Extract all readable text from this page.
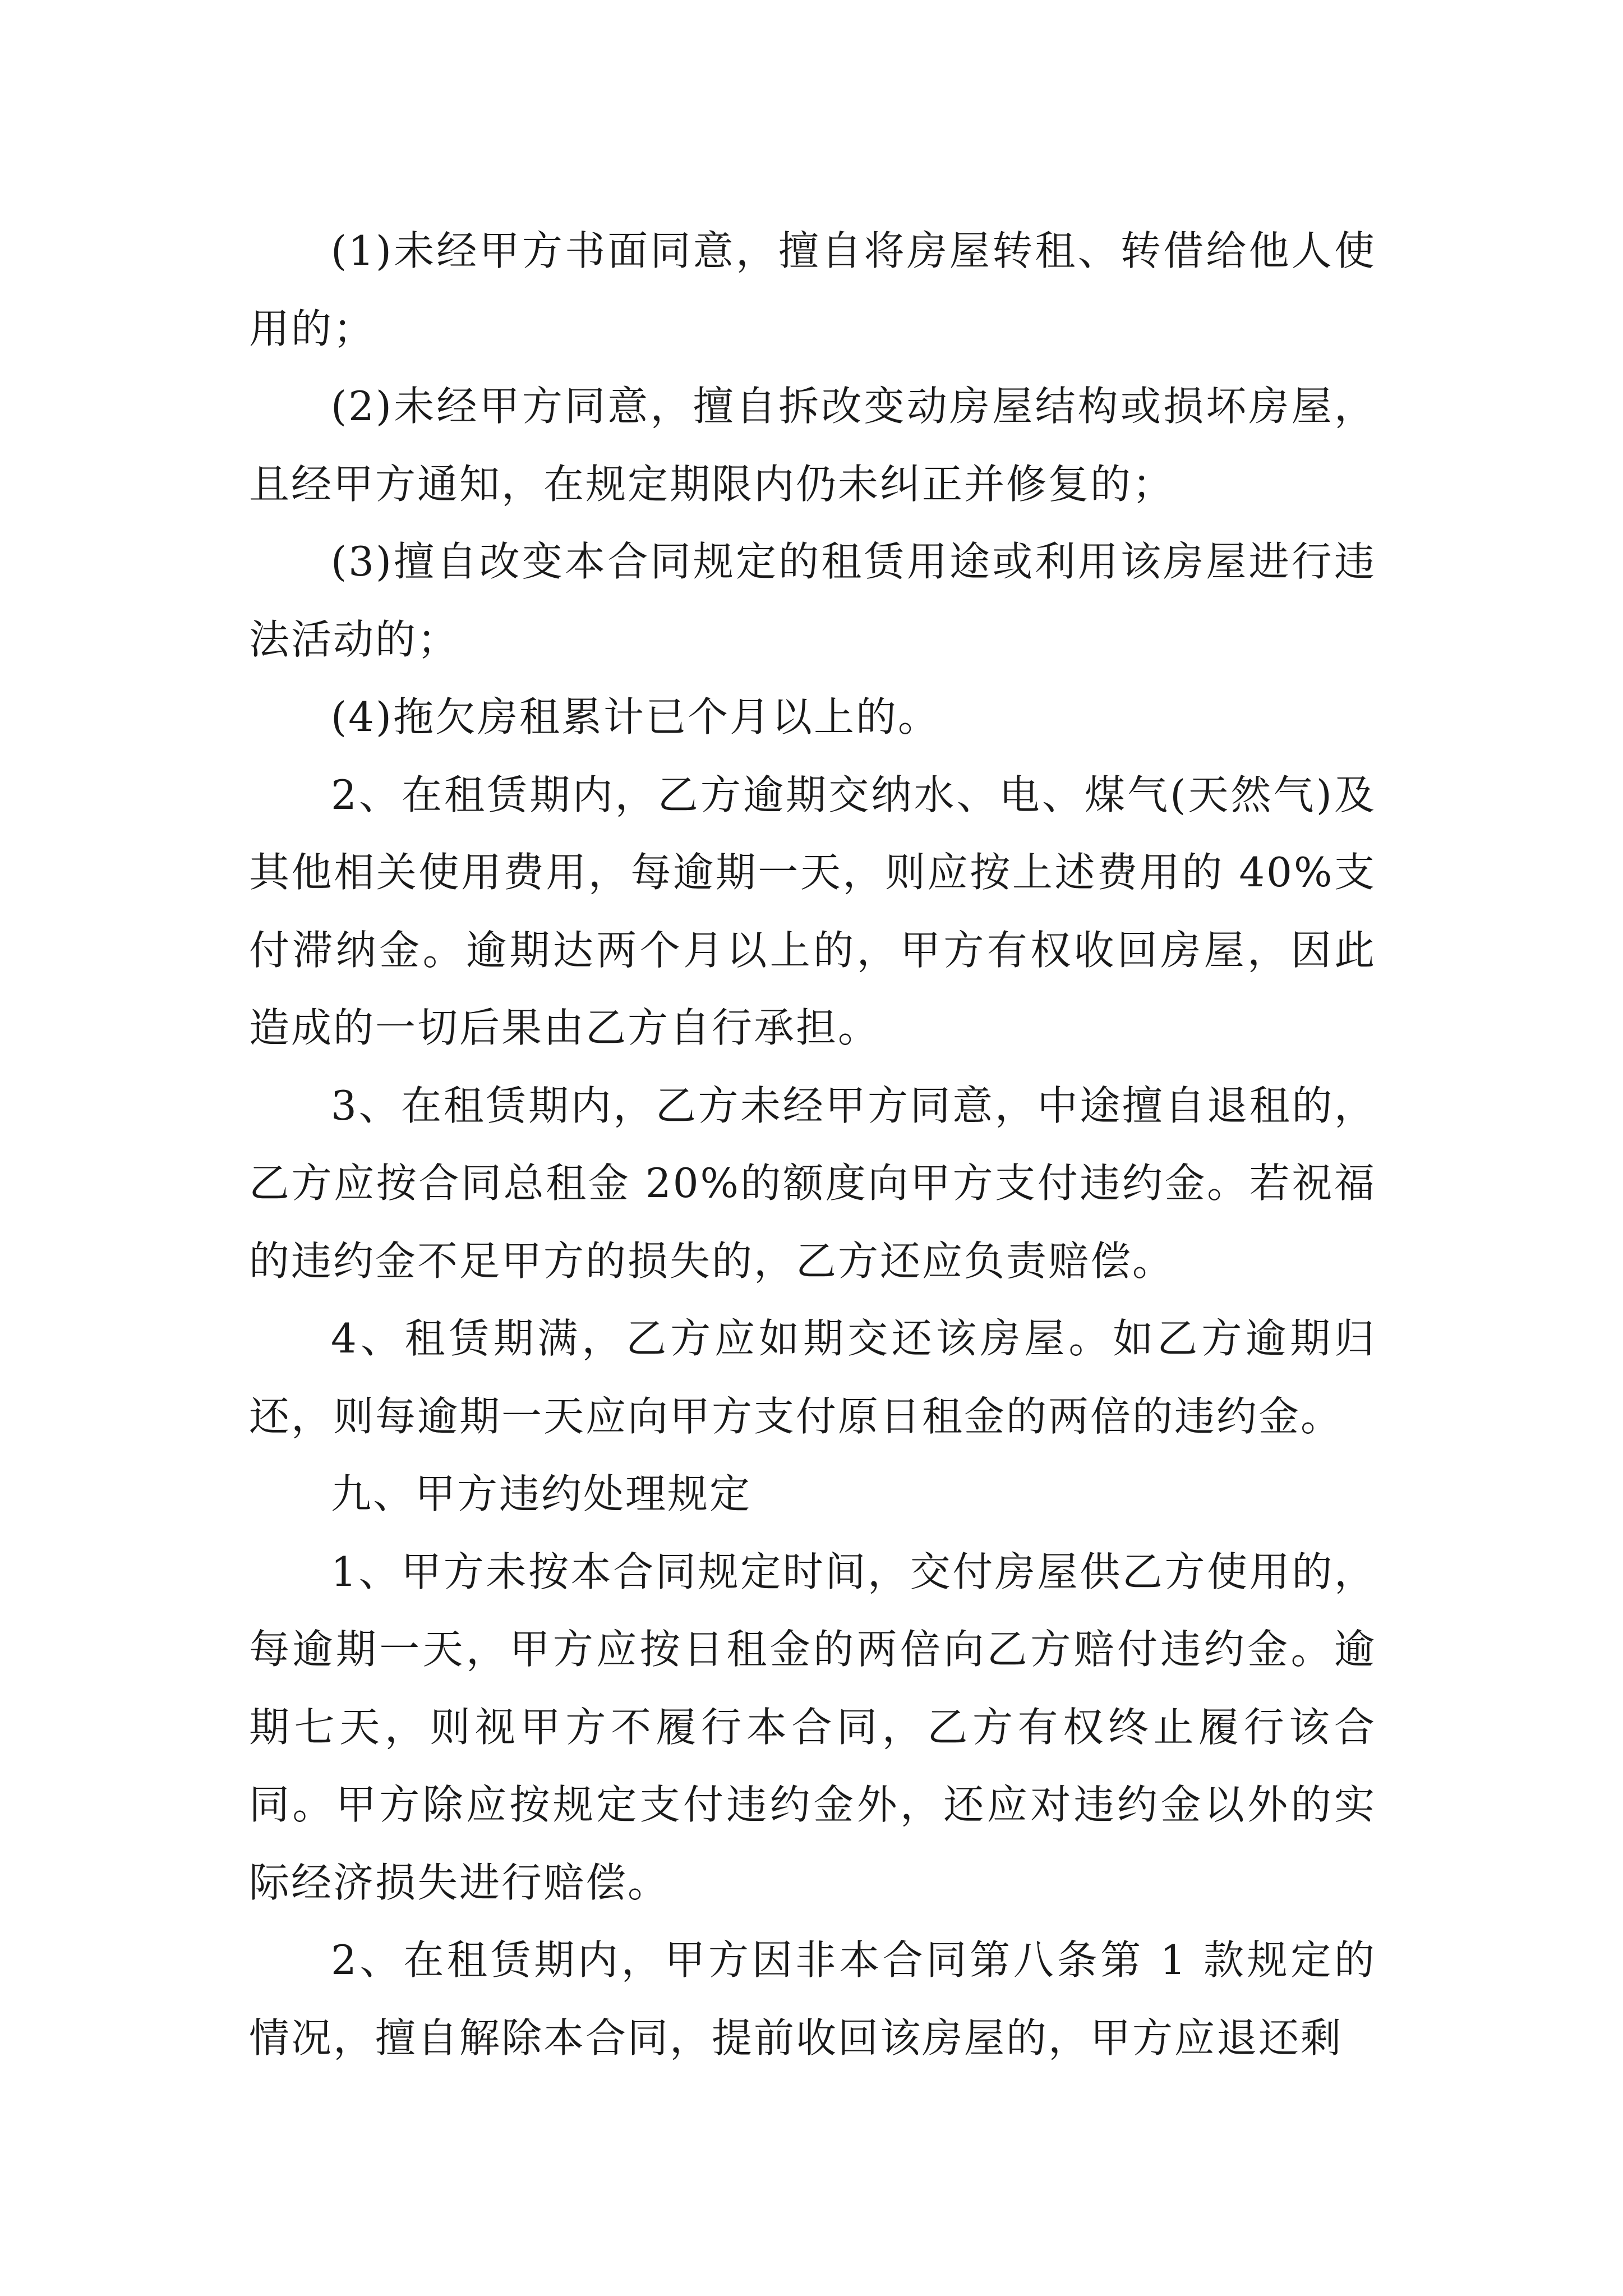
(1)未经甲方书面同意，擅自将房屋转租、转借给他人使用的；

(2)未经甲方同意，擅自拆改变动房屋结构或损坏房屋，且经甲方通知，在规定期限内仍未纠正并修复的；

(3)擅自改变本合同规定的租赁用途或利用该房屋进行违法活动的；

(4)拖欠房租累计已个月以上的。

2、在租赁期内，乙方逾期交纳水、电、煤气(天然气)及其他相关使用费用，每逾期一天，则应按上述费用的 40%支付滞纳金。逾期达两个月以上的，甲方有权收回房屋，因此造成的一切后果由乙方自行承担。

3、在租赁期内，乙方未经甲方同意，中途擅自退租的，乙方应按合同总租金 20%的额度向甲方支付违约金。若祝福的违约金不足甲方的损失的，乙方还应负责赔偿。

4、租赁期满，乙方应如期交还该房屋。如乙方逾期归还，则每逾期一天应向甲方支付原日租金的两倍的违约金。

九、甲方违约处理规定

1、甲方未按本合同规定时间，交付房屋供乙方使用的，每逾期一天，甲方应按日租金的两倍向乙方赔付违约金。逾期七天，则视甲方不履行本合同，乙方有权终止履行该合同。甲方除应按规定支付违约金外，还应对违约金以外的实际经济损失进行赔偿。

2、在租赁期内，甲方因非本合同第八条第 1 款规定的情况，擅自解除本合同，提前收回该房屋的，甲方应退还剩
